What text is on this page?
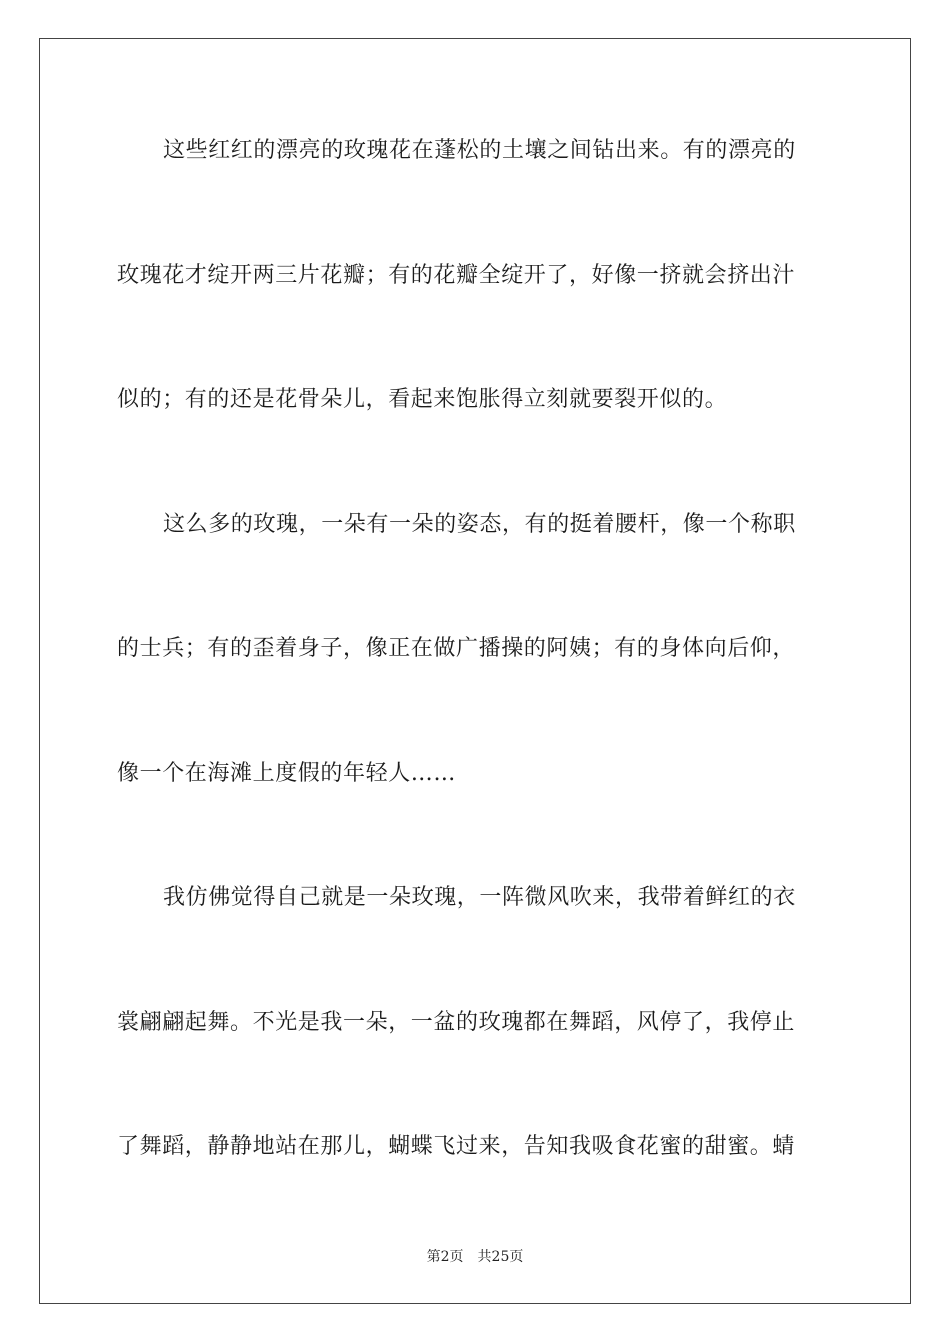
这些红红的漂亮的玫瑰花在蓬松的土壤之间钻出来。有的漂亮的
玫瑰花才绽开两三片花瓣；有的花瓣全绽开了，好像一挤就会挤出汁
似的；有的还是花骨朵儿，看起来饱胀得立刻就要裂开似的。
这么多的玫瑰，一朵有一朵的姿态，有的挺着腰杆，像一个称职
的士兵；有的歪着身子，像正在做广播操的阿姨；有的身体向后仰，
像一个在海滩上度假的年轻人……
我仿佛觉得自己就是一朵玫瑰，一阵微风吹来，我带着鲜红的衣
裳翩翩起舞。不光是我一朵，一盆的玫瑰都在舞蹈，风停了，我停止
了舞蹈，静静地站在那儿，蝴蝶飞过来，告知我吸食花蜜的甜蜜。蜻
第2页 共25页
